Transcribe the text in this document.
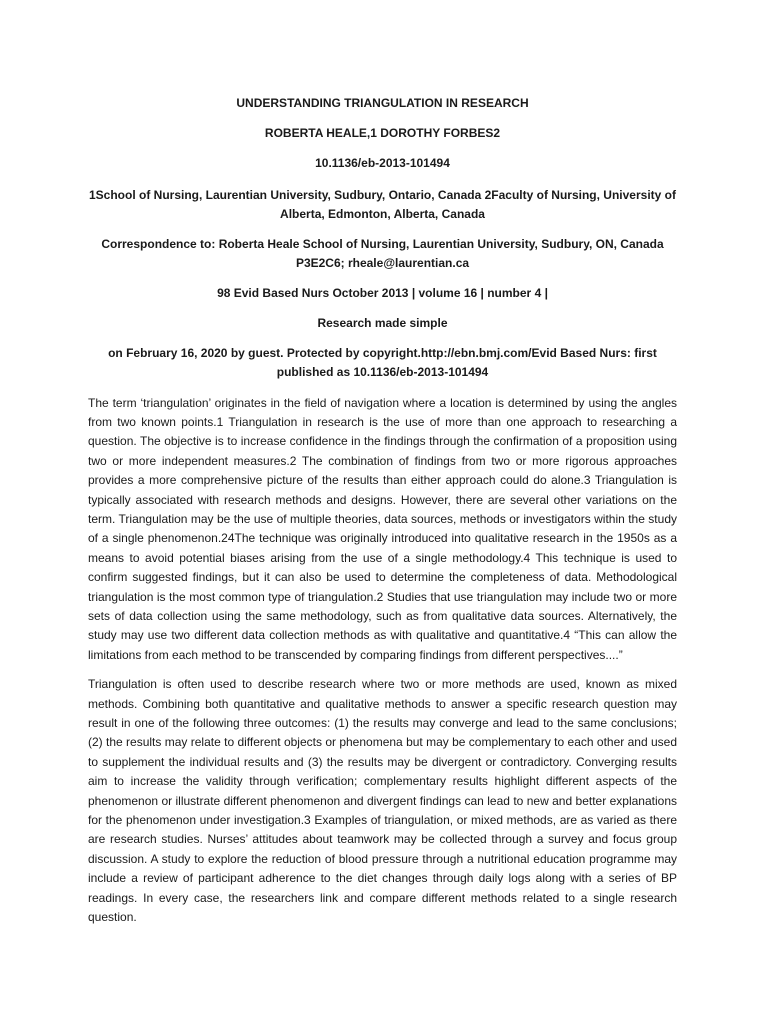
UNDERSTANDING TRIANGULATION IN RESEARCH

ROBERTA HEALE,1 DOROTHY FORBES2

10.1136/eb-2013-101494

1School of Nursing, Laurentian University, Sudbury, Ontario, Canada 2Faculty of Nursing, University of Alberta, Edmonton, Alberta, Canada

Correspondence to: Roberta Heale School of Nursing, Laurentian University, Sudbury, ON, Canada P3E2C6; rheale@laurentian.ca

98 Evid Based Nurs October 2013 | volume 16 | number 4 |

Research made simple

on February 16, 2020 by guest. Protected by copyright.http://ebn.bmj.com/Evid Based Nurs: first published as 10.1136/eb-2013-101494

The term ‘triangulation’ originates in the field of navigation where a location is determined by using the angles from two known points.1 Triangulation in research is the use of more than one approach to researching a question. The objective is to increase confidence in the findings through the confirmation of a proposition using two or more independent measures.2 The combination of findings from two or more rigorous approaches provides a more comprehensive picture of the results than either approach could do alone.3 Triangulation is typically associated with research methods and designs. However, there are several other variations on the term. Triangulation may be the use of multiple theories, data sources, methods or investigators within the study of a single phenomenon.24The technique was originally introduced into qualitative research in the 1950s as a means to avoid potential biases arising from the use of a single methodology.4 This technique is used to confirm suggested findings, but it can also be used to determine the completeness of data. Methodological triangulation is the most common type of triangulation.2 Studies that use triangulation may include two or more sets of data collection using the same methodology, such as from qualitative data sources. Alternatively, the study may use two different data collection methods as with qualitative and quantitative.4 “This can allow the limitations from each method to be transcended by comparing findings from different perspectives....”

Triangulation is often used to describe research where two or more methods are used, known as mixed methods. Combining both quantitative and qualitative methods to answer a specific research question may result in one of the following three outcomes: (1) the results may converge and lead to the same conclusions; (2) the results may relate to different objects or phenomena but may be complementary to each other and used to supplement the individual results and (3) the results may be divergent or contradictory. Converging results aim to increase the validity through verification; complementary results highlight different aspects of the phenomenon or illustrate different phenomenon and divergent findings can lead to new and better explanations for the phenomenon under investigation.3 Examples of triangulation, or mixed methods, are as varied as there are research studies. Nurses’ attitudes about teamwork may be collected through a survey and focus group discussion. A study to explore the reduction of blood pressure through a nutritional education programme may include a review of participant adherence to the diet changes through daily logs along with a series of BP readings. In every case, the researchers link and compare different methods related to a single research question.
